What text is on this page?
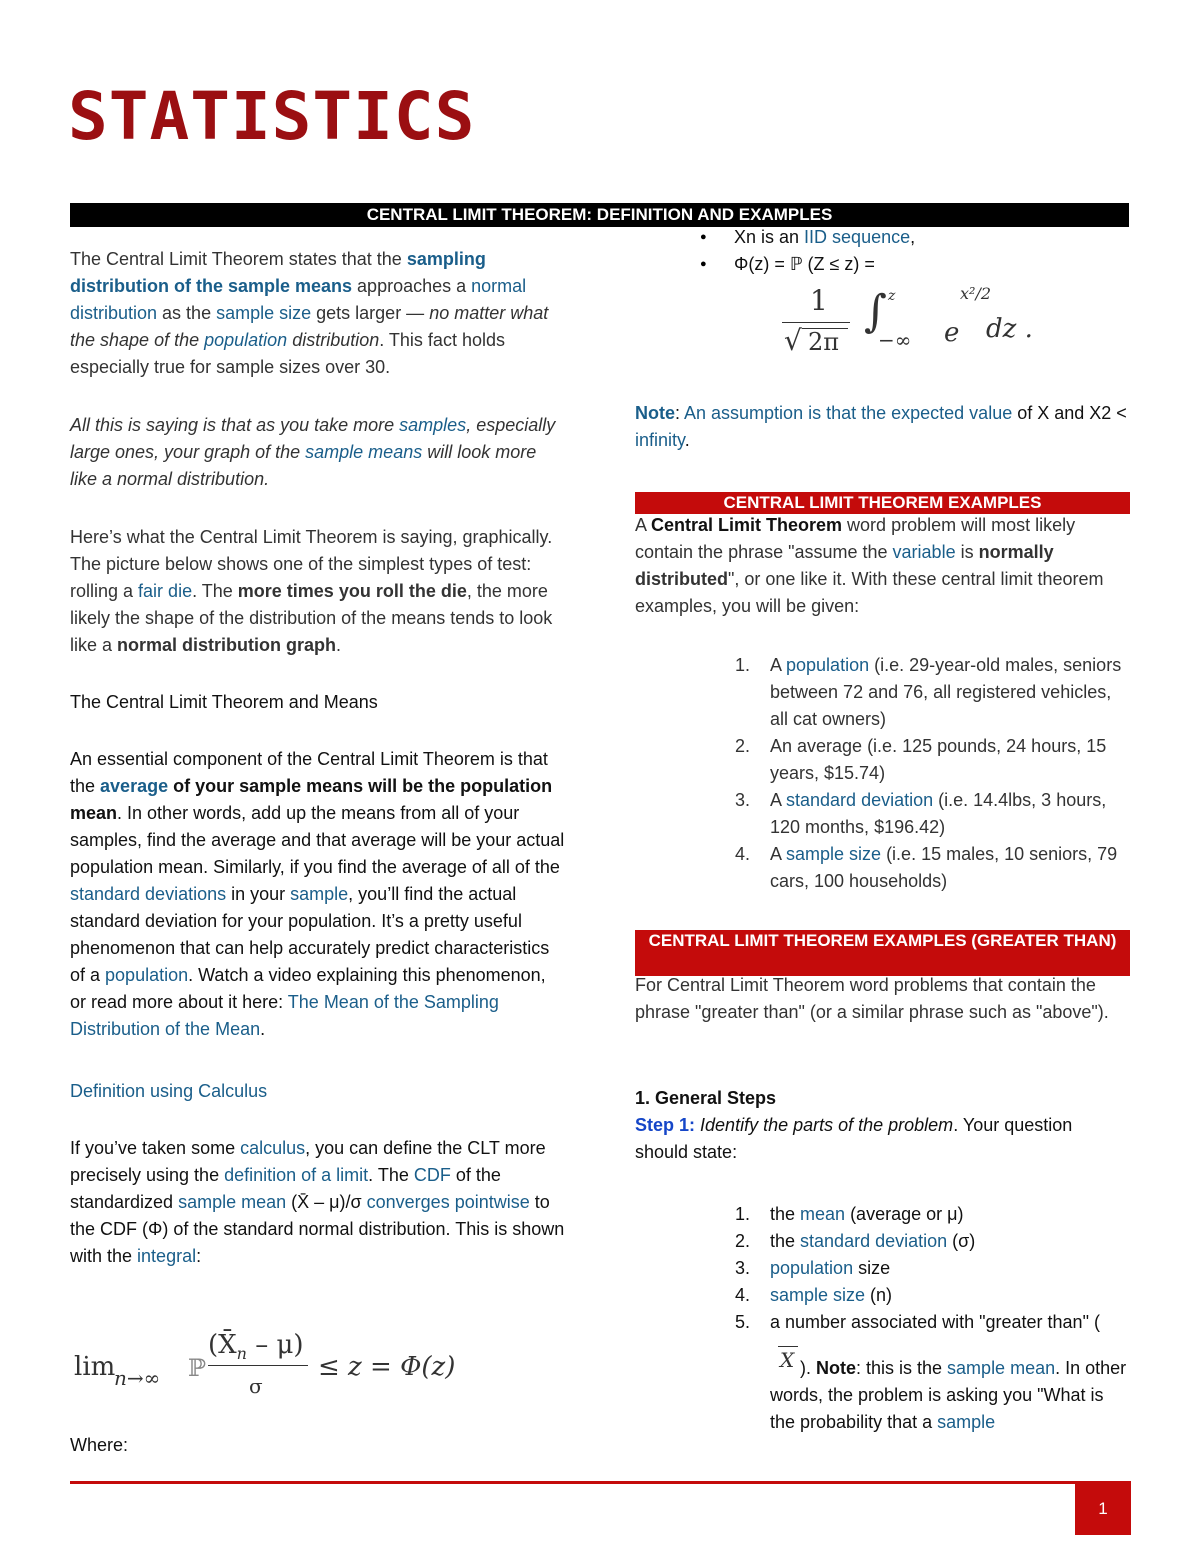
STATISTICS
CENTRAL LIMIT THEOREM: DEFINITION AND EXAMPLES

The Central Limit Theorem states that the sampling distribution of the sample means approaches a normal distribution as the sample size gets larger — no matter what the shape of the population distribution. This fact holds especially true for sample sizes over 30.

All this is saying is that as you take more samples, especially large ones, your graph of the sample means will look more like a normal distribution.

Here’s what the Central Limit Theorem is saying, graphically. The picture below shows one of the simplest types of test: rolling a fair die. The more times you roll the die, the more likely the shape of the distribution of the means tends to look like a normal distribution graph.

The Central Limit Theorem and Means

An essential component of the Central Limit Theorem is that the average of your sample means will be the population mean. In other words, add up the means from all of your samples, find the average and that average will be your actual population mean. Similarly, if you find the average of all of the standard deviations in your sample, you’ll find the actual standard deviation for your population. It’s a pretty useful phenomenon that can help accurately predict characteristics of a population. Watch a video explaining this phenomenon, or read more about it here: The Mean of the Sampling Distribution of the Mean.

Definition using Calculus

If you’ve taken some calculus, you can define the CLT more precisely using the definition of a limit. The CDF of the standardized sample mean (X̄ – μ)/σ converges pointwise to the CDF (Φ) of the standard normal distribution. This is shown with the integral:

lim
n→∞ ℙ
$(X̄_n - \mu)$
σ
≤ z = Φ(z)
Where:
● Xn is an IID sequence,
● Φ(z) = ℙ (Z ≤ z) =
1
√ 2π
∫ z
−∞ e
x²/2
dz .
Note: An assumption is that the expected value of X and X2 < infinity.
CENTRAL LIMIT THEOREM EXAMPLES
A Central Limit Theorem word problem will most likely contain the phrase "assume the variable is normally distributed", or one like it. With these central limit theorem examples, you will be given:
1.	A population (i.e. 29-year-old males, seniors between 72 and 76, all registered vehicles, all cat owners)
2.	An average (i.e. 125 pounds, 24 hours, 15 years, $15.74)
3.	A standard deviation (i.e. 14.4lbs, 3 hours, 120 months, $196.42)
4.	A sample size (i.e. 15 males, 10 seniors, 79 cars, 100 households)
CENTRAL LIMIT THEOREM EXAMPLES (GREATER THAN)
For Central Limit Theorem word problems that contain the phrase "greater than" (or a similar phrase such as "above").
1. General Steps
Step 1: Identify the parts of the problem. Your question should state:
1.	the mean (average or μ)
2.	the standard deviation (σ)
3.	population size
4.	sample size (n)
5.	a number associated with "greater than" (
X ). Note: this is the sample mean. In other words, the problem is asking you "What is the probability that a sample
1
